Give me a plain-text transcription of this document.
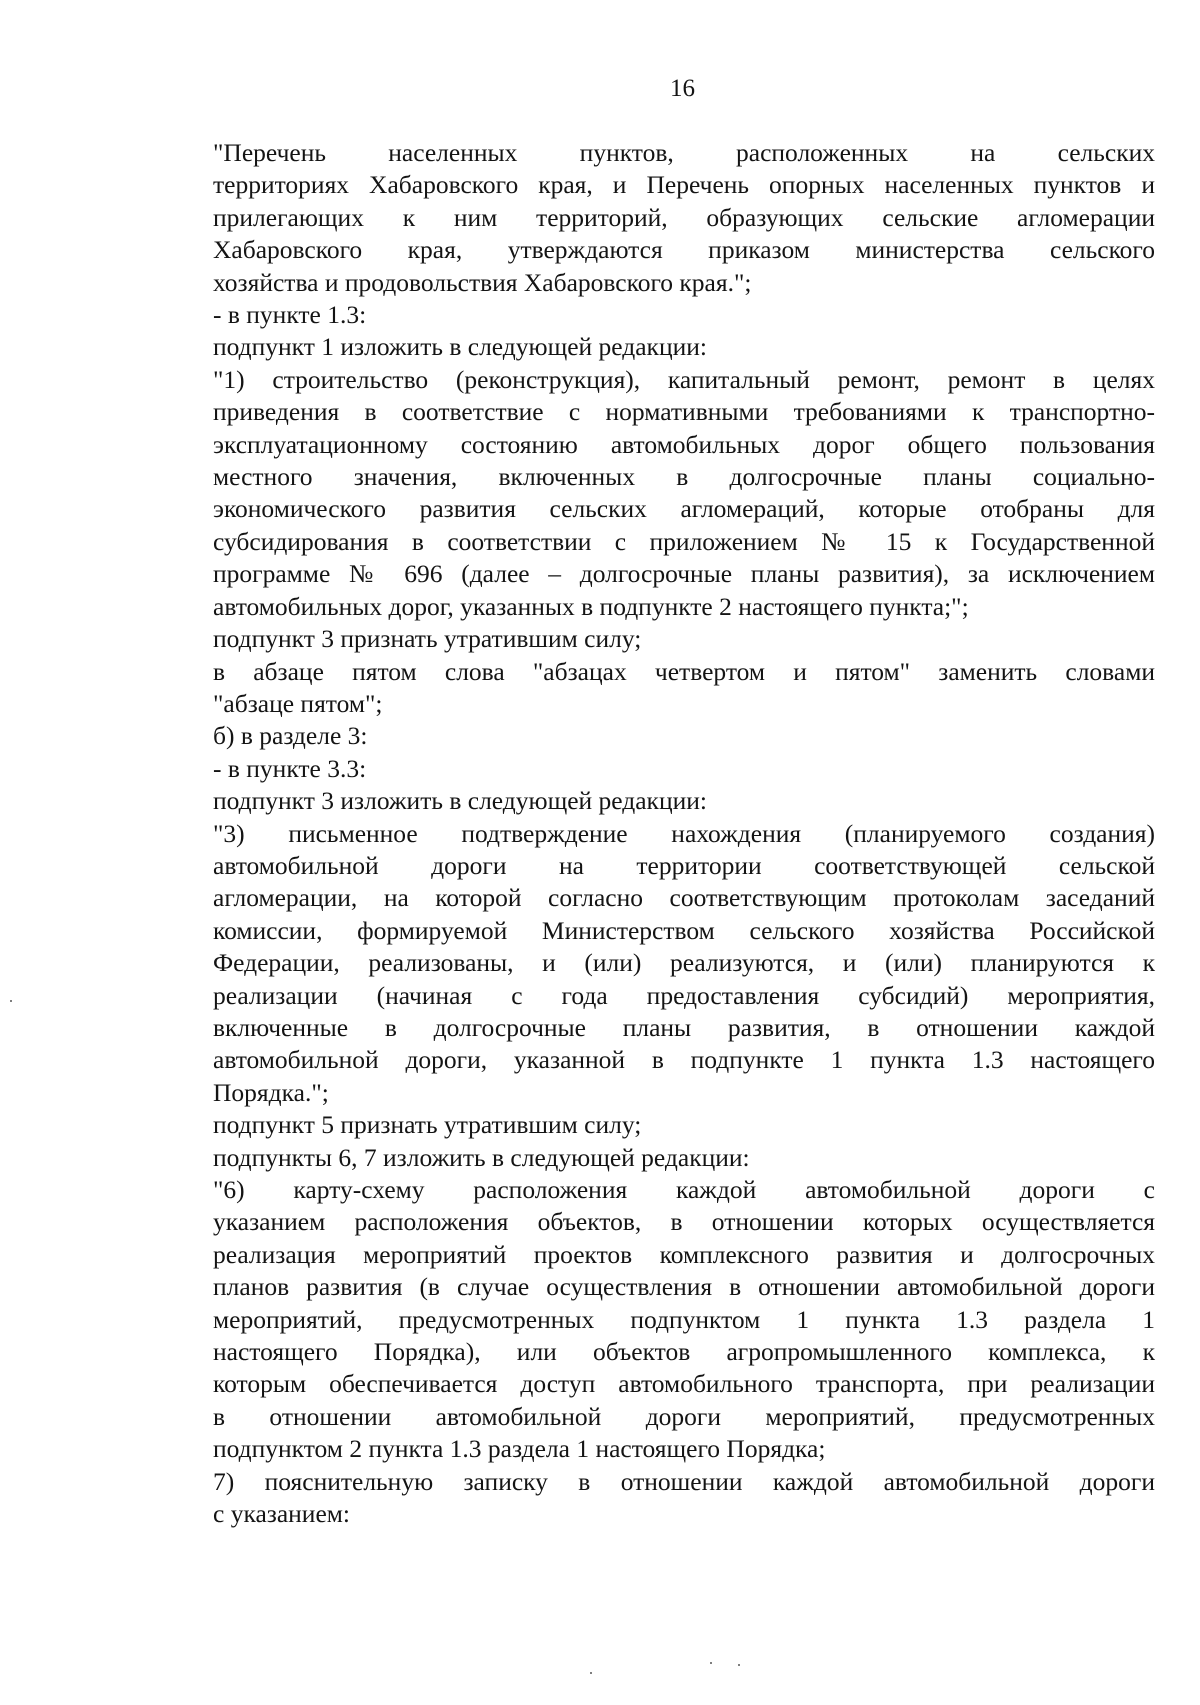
16

"Перечень населенных пунктов, расположенных на сельских

территориях Хабаровского края, и Перечень опорных населенных пунктов и

прилегающих к ним территорий, образующих сельские агломерации

Хабаровского края, утверждаются приказом министерства сельского

хозяйства и продовольствия Хабаровского края.";

- в пункте 1.3:

подпункт 1 изложить в следующей редакции:

"1) строительство (реконструкция), капитальный ремонт, ремонт в целях

приведения в соответствие с нормативными требованиями к транспортно-

эксплуатационному состоянию автомобильных дорог общего пользования

местного значения, включенных в долгосрочные планы социально-

экономического развития сельских агломераций, которые отобраны для

субсидирования в соответствии с приложением № 15 к Государственной

программе № 696 (далее – долгосрочные планы развития), за исключением

автомобильных дорог, указанных в подпункте 2 настоящего пункта;";

подпункт 3 признать утратившим силу;

в абзаце пятом слова "абзацах четвертом и пятом" заменить словами

"абзаце пятом";

б) в разделе 3:

- в пункте 3.3:

подпункт 3 изложить в следующей редакции:

"3) письменное подтверждение нахождения (планируемого создания)

автомобильной дороги на территории соответствующей сельской

агломерации, на которой согласно соответствующим протоколам заседаний

комиссии, формируемой Министерством сельского хозяйства Российской

Федерации, реализованы, и (или) реализуются, и (или) планируются к

реализации (начиная с года предоставления субсидий) мероприятия,

включенные в долгосрочные планы развития, в отношении каждой

автомобильной дороги, указанной в подпункте 1 пункта 1.3 настоящего

Порядка.";

подпункт 5 признать утратившим силу;

подпункты 6, 7 изложить в следующей редакции:

"6) карту-схему расположения каждой автомобильной дороги с

указанием расположения объектов, в отношении которых осуществляется

реализация мероприятий проектов комплексного развития и долгосрочных

планов развития (в случае осуществления в отношении автомобильной дороги

мероприятий, предусмотренных подпунктом 1 пункта 1.3 раздела 1

настоящего Порядка), или объектов агропромышленного комплекса, к

которым обеспечивается доступ автомобильного транспорта, при реализации

в отношении автомобильной дороги мероприятий, предусмотренных

подпунктом 2 пункта 1.3 раздела 1 настоящего Порядка;

7) пояснительную записку в отношении каждой автомобильной дороги

с указанием:
